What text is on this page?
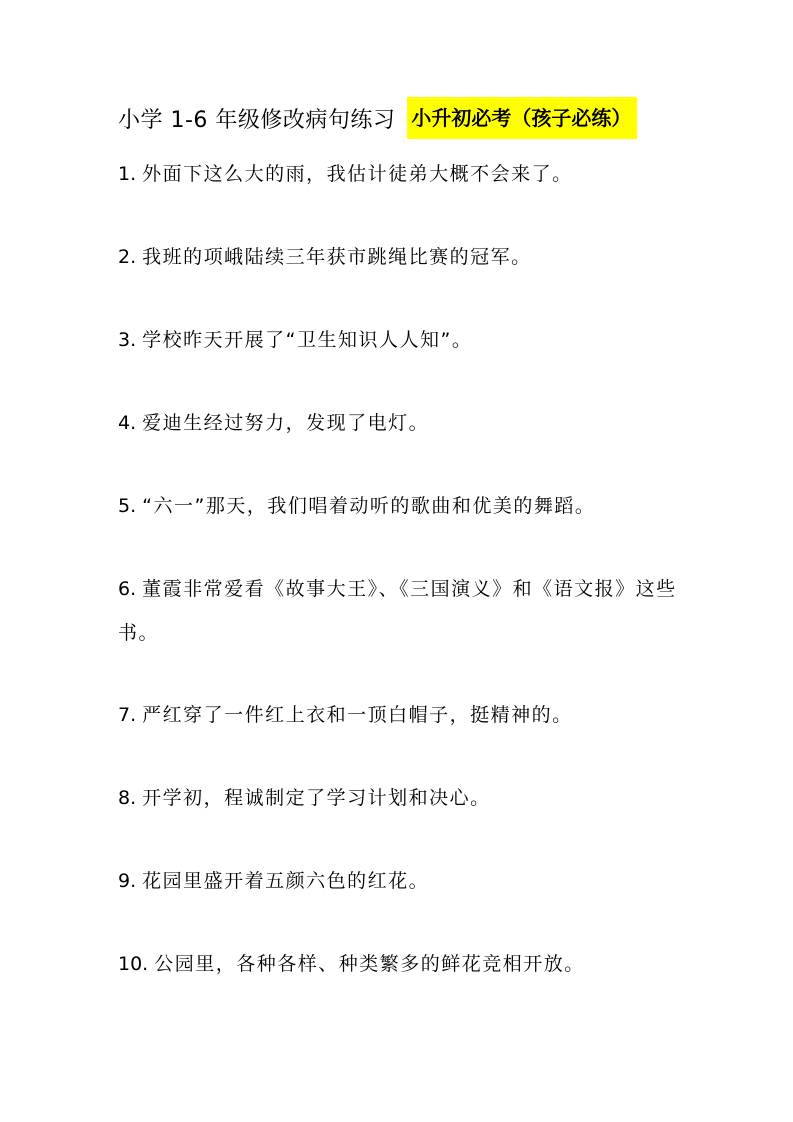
小学 1-6 年级修改病句练习 小升初必考（孩子必练）
1. 外面下这么大的雨，我估计徒弟大概不会来了。
2. 我班的项峨陆续三年获市跳绳比赛的冠军。
3. 学校昨天开展了“卫生知识人人知”。
4. 爱迪生经过努力，发现了电灯。
5. “六一”那天，我们唱着动听的歌曲和优美的舞蹈。
6. 董霞非常爱看《故事大王》、《三国演义》和《语文报》这些书。
7. 严红穿了一件红上衣和一顶白帽子，挺精神的。
8. 开学初，程诚制定了学习计划和决心。
9. 花园里盛开着五颜六色的红花。
10. 公园里，各种各样、种类繁多的鲜花竞相开放。
